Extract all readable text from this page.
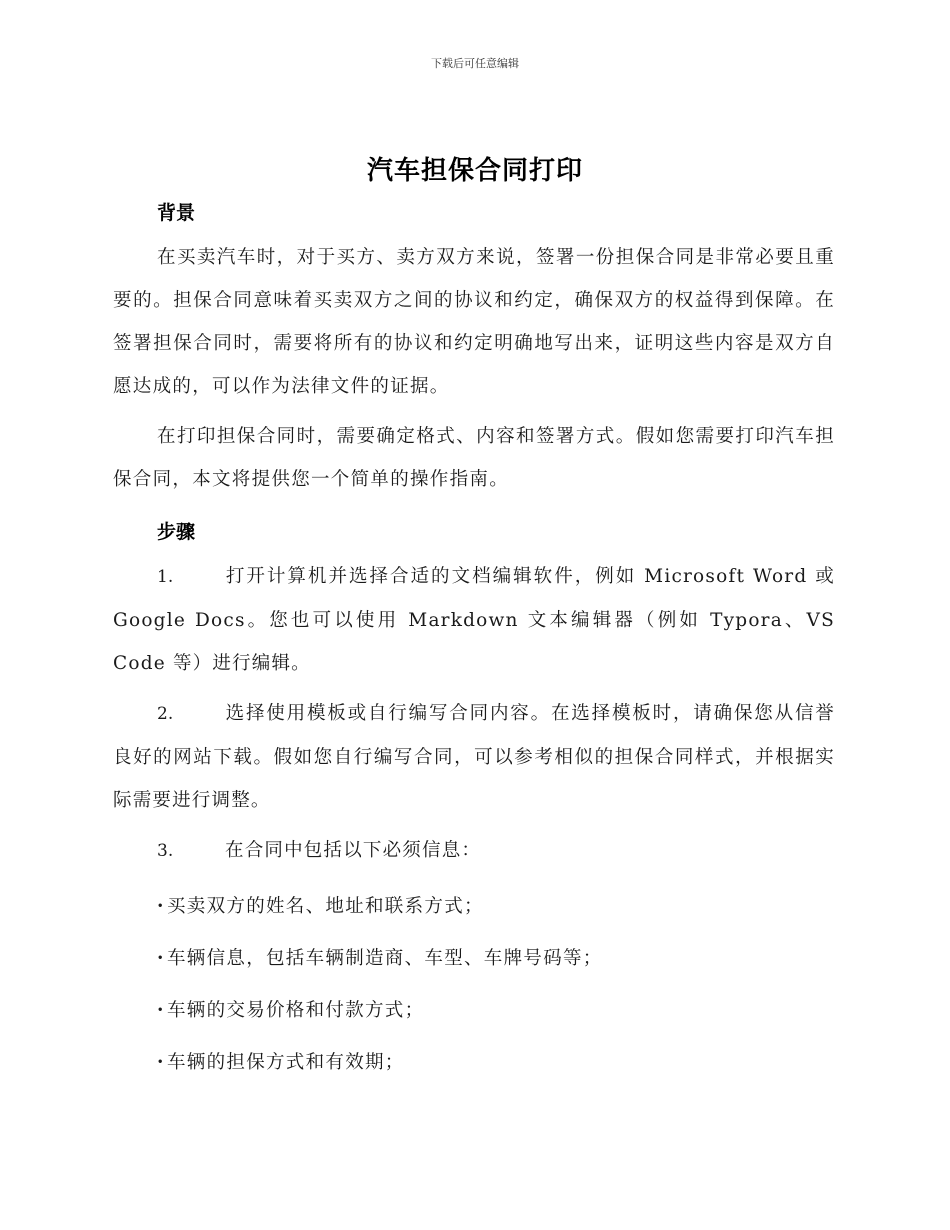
下载后可任意编辑
汽车担保合同打印
背景

在买卖汽车时，对于买方、卖方双方来说，签署一份担保合同是非常必要且重要的。担保合同意味着买卖双方之间的协议和约定，确保双方的权益得到保障。在签署担保合同时，需要将所有的协议和约定明确地写出来，证明这些内容是双方自愿达成的，可以作为法律文件的证据。

在打印担保合同时，需要确定格式、内容和签署方式。假如您需要打印汽车担保合同，本文将提供您一个简单的操作指南。

步骤

1.	打开计算机并选择合适的文档编辑软件，例如 Microsoft Word 或 Google Docs。您也可以使用 Markdown 文本编辑器（例如 Typora、VS Code 等）进行编辑。

2.	选择使用模板或自行编写合同内容。在选择模板时，请确保您从信誉良好的网站下载。假如您自行编写合同，可以参考相似的担保合同样式，并根据实际需要进行调整。

3.	在合同中包括以下必须信息：

· 买卖双方的姓名、地址和联系方式；
· 车辆信息，包括车辆制造商、车型、车牌号码等；
· 车辆的交易价格和付款方式；
· 车辆的担保方式和有效期；
